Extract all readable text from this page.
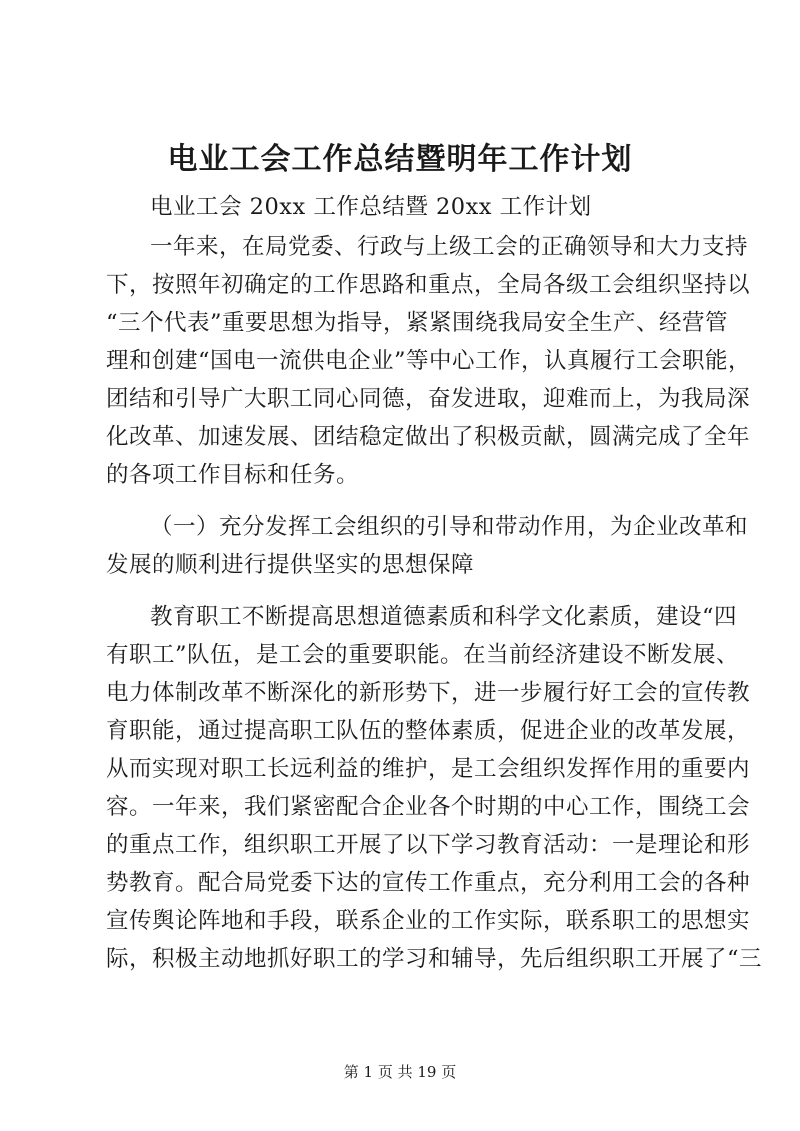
电业工会工作总结暨明年工作计划
电业工会 20xx 工作总结暨 20xx 工作计划
一年来，在局党委、行政与上级工会的正确领导和大力支持
下，按照年初确定的工作思路和重点，全局各级工会组织坚持以
“三个代表”重要思想为指导，紧紧围绕我局安全生产、经营管
理和创建“国电一流供电企业”等中心工作，认真履行工会职能，
团结和引导广大职工同心同德，奋发进取，迎难而上，为我局深
化改革、加速发展、团结稳定做出了积极贡献，圆满完成了全年
的各项工作目标和任务。
（一）充分发挥工会组织的引导和带动作用，为企业改革和
发展的顺利进行提供坚实的思想保障
教育职工不断提高思想道德素质和科学文化素质，建设“四
有职工”队伍，是工会的重要职能。在当前经济建设不断发展、
电力体制改革不断深化的新形势下，进一步履行好工会的宣传教
育职能，通过提高职工队伍的整体素质，促进企业的改革发展，
从而实现对职工长远利益的维护，是工会组织发挥作用的重要内
容。一年来，我们紧密配合企业各个时期的中心工作，围绕工会
的重点工作，组织职工开展了以下学习教育活动：一是理论和形
势教育。配合局党委下达的宣传工作重点，充分利用工会的各种
宣传舆论阵地和手段，联系企业的工作实际，联系职工的思想实
际，积极主动地抓好职工的学习和辅导，先后组织职工开展了“三
第 1 页 共 19 页
